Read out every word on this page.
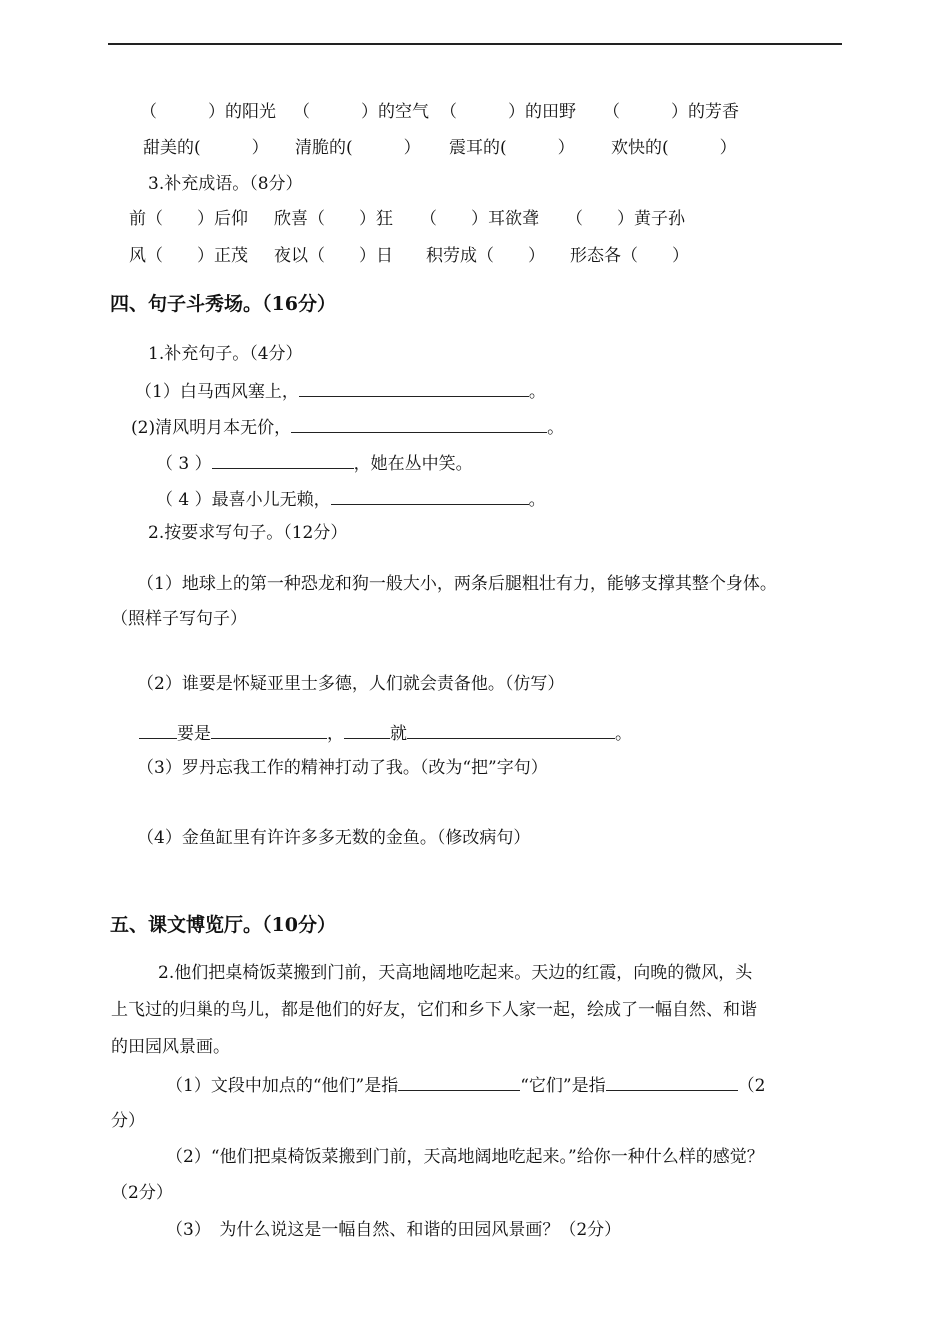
（　　　）的阳光 （　　　）的空气 （　　　）的田野 （　　　）的芳香
甜美的(　　　） 清脆的(　　　） 震耳的(　　　） 欢快的(　　　）
3.补充成语。（8分）
前（　　）后仰 欣喜（　　）狂 （　　）耳欲聋 （　　）黄子孙
风（　　）正茂 夜以（　　）日 积劳成（　　） 形态各（　　）
四、句子斗秀场。（16分）
1.补充句子。（4分）
（1）白马西风塞上，	。
(2)清风明月本无价，	。
（ 3 ）	，她在丛中笑。
（ 4 ）最喜小儿无赖，	。
2.按要求写句子。（12分）
（1）地球上的第一种恐龙和狗一般大小，两条后腿粗壮有力，能够支撑其整个身体。
（照样子写句子）
（2）谁要是怀疑亚里士多德，人们就会责备他。（仿写）
要是	，	就	。
（3）罗丹忘我工作的精神打动了我。（改为“把”字句）
（4）金鱼缸里有许许多多无数的金鱼。（修改病句）
五、课文博览厅。（10分）
2.他们把桌椅饭菜搬到门前，天高地阔地吃起来。天边的红霞，向晚的微风，头
上飞过的归巢的鸟儿，都是他们的好友，它们和乡下人家一起，绘成了一幅自然、和谐
的田园风景画。
（1）文段中加点的“他们”是指	“它们”是指	（2
分）
（2）“他们把桌椅饭菜搬到门前，天高地阔地吃起来。”给你一种什么样的感觉？
（2分）
（3）　为什么说这是一幅自然、和谐的田园风景画？（2分）
